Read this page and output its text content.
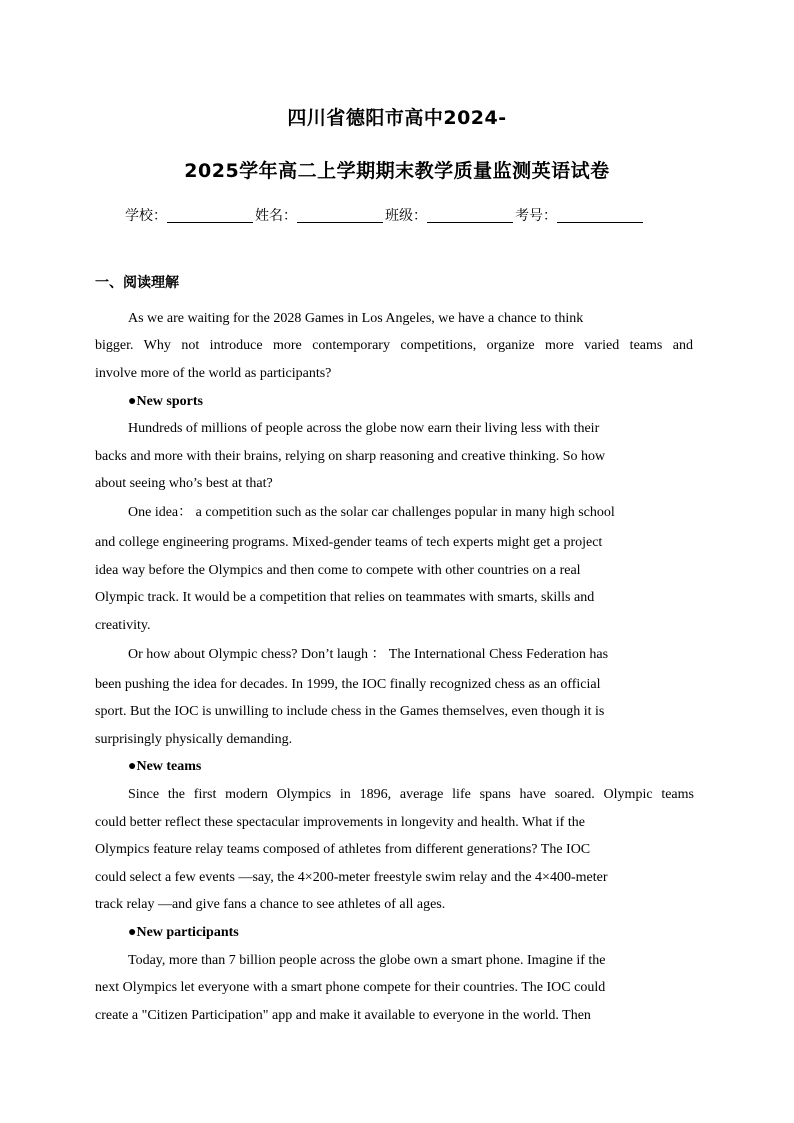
四川省德阳市高中2024-
2025学年高二上学期期末教学质量监测英语试卷
学校：	姓名：	班级：	考号：
一、阅读理解
As we are waiting for the 2028 Games in Los Angeles, we have a chance to think
bigger. Why not introduce more contemporary competitions, organize more varied teams and
involve more of the world as participants?
●New sports
Hundreds of millions of people across the globe now earn their living less with their
backs and more with their brains, relying on sharp reasoning and creative thinking. So how
about seeing who’s best at that?
One idea： a competition such as the solar car challenges popular in many high school
and college engineering programs. Mixed-gender teams of tech experts might get a project
idea way before the Olympics and then come to compete with other countries on a real
Olympic track. It would be a competition that relies on teammates with smarts, skills and
creativity.
Or how about Olympic chess? Don’t laugh ： The International Chess Federation has
been pushing the idea for decades. In 1999, the IOC finally recognized chess as an official
sport. But the IOC is unwilling to include chess in the Games themselves, even though it is
surprisingly physically demanding.
●New teams
Since the first modern Olympics in 1896, average life spans have soared. Olympic teams
could better reflect these spectacular improvements in longevity and health. What if the
Olympics feature relay teams composed of athletes from different generations? The IOC
could select a few events —say, the 4×200-meter freestyle swim relay and the 4×400-meter
track relay —and give fans a chance to see athletes of all ages.
●New participants
Today, more than 7 billion people across the globe own a smart phone. Imagine if the
next Olympics let everyone with a smart phone compete for their countries. The IOC could
create a "Citizen Participation" app and make it available to everyone in the world. Then
